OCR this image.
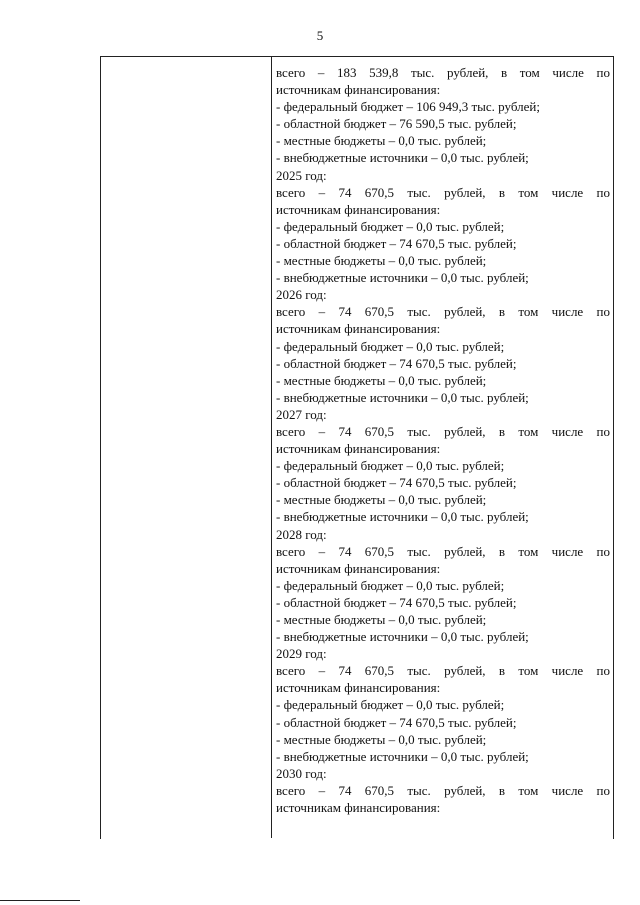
5
всего – 183 539,8 тыс. рублей, в том числе по
источникам финансирования:
- федеральный бюджет – 106 949,3 тыс. рублей;
- областной бюджет – 76 590,5 тыс. рублей;
- местные бюджеты – 0,0 тыс. рублей;
- внебюджетные источники – 0,0 тыс. рублей;
2025 год:
всего – 74 670,5 тыс. рублей, в том числе по
источникам финансирования:
- федеральный бюджет – 0,0 тыс. рублей;
- областной бюджет – 74 670,5 тыс. рублей;
- местные бюджеты – 0,0 тыс. рублей;
- внебюджетные источники – 0,0 тыс. рублей;
2026 год:
всего – 74 670,5 тыс. рублей, в том числе по
источникам финансирования:
- федеральный бюджет – 0,0 тыс. рублей;
- областной бюджет – 74 670,5 тыс. рублей;
- местные бюджеты – 0,0 тыс. рублей;
- внебюджетные источники – 0,0 тыс. рублей;
2027 год:
всего – 74 670,5 тыс. рублей, в том числе по
источникам финансирования:
- федеральный бюджет – 0,0 тыс. рублей;
- областной бюджет – 74 670,5 тыс. рублей;
- местные бюджеты – 0,0 тыс. рублей;
- внебюджетные источники – 0,0 тыс. рублей;
2028 год:
всего – 74 670,5 тыс. рублей, в том числе по
источникам финансирования:
- федеральный бюджет – 0,0 тыс. рублей;
- областной бюджет – 74 670,5 тыс. рублей;
- местные бюджеты – 0,0 тыс. рублей;
- внебюджетные источники – 0,0 тыс. рублей;
2029 год:
всего – 74 670,5 тыс. рублей, в том числе по
источникам финансирования:
- федеральный бюджет – 0,0 тыс. рублей;
- областной бюджет – 74 670,5 тыс. рублей;
- местные бюджеты – 0,0 тыс. рублей;
- внебюджетные источники – 0,0 тыс. рублей;
2030 год:
всего – 74 670,5 тыс. рублей, в том числе по
источникам финансирования:
